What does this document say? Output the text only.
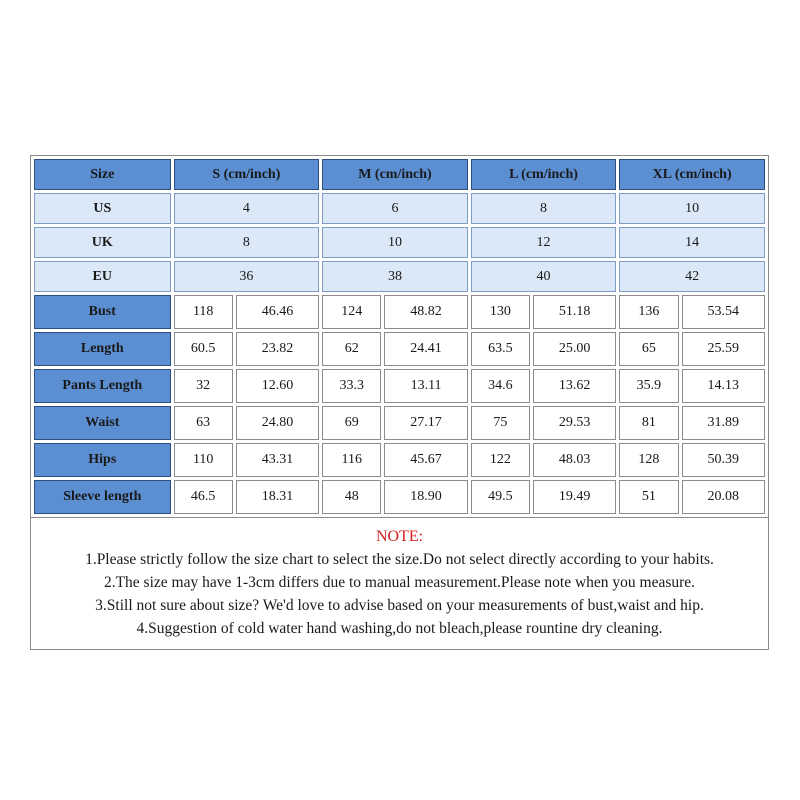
Size	S (cm/inch)		M (cm/inch)		L (cm/inch)		XL (cm/inch)	
US	4		6		8		10	
UK	8		10		12		14	
EU	36		38		40		42	
Bust	118	46.46	124	48.82	130	51.18	136	53.54
Length	60.5	23.82	62	24.41	63.5	25.00	65	25.59
Pants Length	32	12.60	33.3	13.11	34.6	13.62	35.9	14.13
Waist	63	24.80	69	27.17	75	29.53	81	31.89
Hips	110	43.31	116	45.67	122	48.03	128	50.39
Sleeve length	46.5	18.31	48	18.90	49.5	19.49	51	20.08
NOTE:
1.Please strictly follow the size chart to select the size.Do not select directly according to your habits.
2.The size may have 1-3cm differs due to manual measurement.Please note when you measure.
3.Still not sure about size? We'd love to advise based on your measurements of bust,waist and hip.
4.Suggestion of cold water hand washing,do not bleach,please rountine dry cleaning.
